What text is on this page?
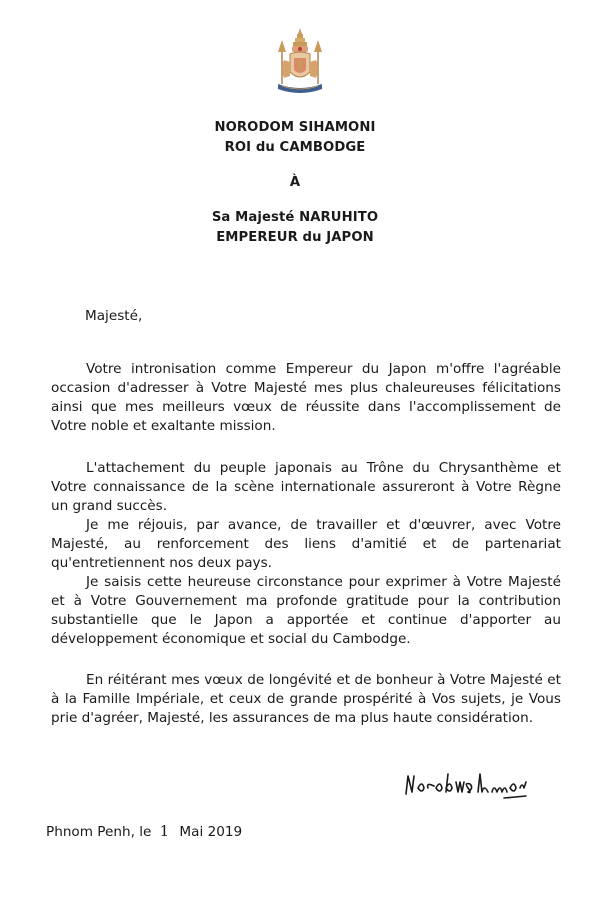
NORODOM SIHAMONI
ROI du CAMBODGE
À
Sa Majesté NARUHITO
EMPEREUR du JAPON
Majesté,
Votre intronisation comme Empereur du Japon m'offre l'agréable occasion d'adresser à Votre Majesté mes plus chaleureuses félicitations ainsi que mes meilleurs vœux de réussite dans l'accomplissement de Votre noble et exaltante mission.
L'attachement du peuple japonais au Trône du Chrysanthème et Votre connaissance de la scène internationale assureront à Votre Règne un grand succès.
Je me réjouis, par avance, de travailler et d'œuvrer, avec Votre Majesté, au renforcement des liens d'amitié et de partenariat qu'entretiennent nos deux pays.
Je saisis cette heureuse circonstance pour exprimer à Votre Majesté et à Votre Gouvernement ma profonde gratitude pour la contribution substantielle que le Japon a apportée et continue d'apporter au développement économique et social du Cambodge.
En réitérant mes vœux de longévité et de bonheur à Votre Majesté et à la Famille Impériale, et ceux de grande prospérité à Vos sujets, je Vous prie d'agréer, Majesté, les assurances de ma plus haute considération.
Phnom Penh, le 1 Mai 2019
